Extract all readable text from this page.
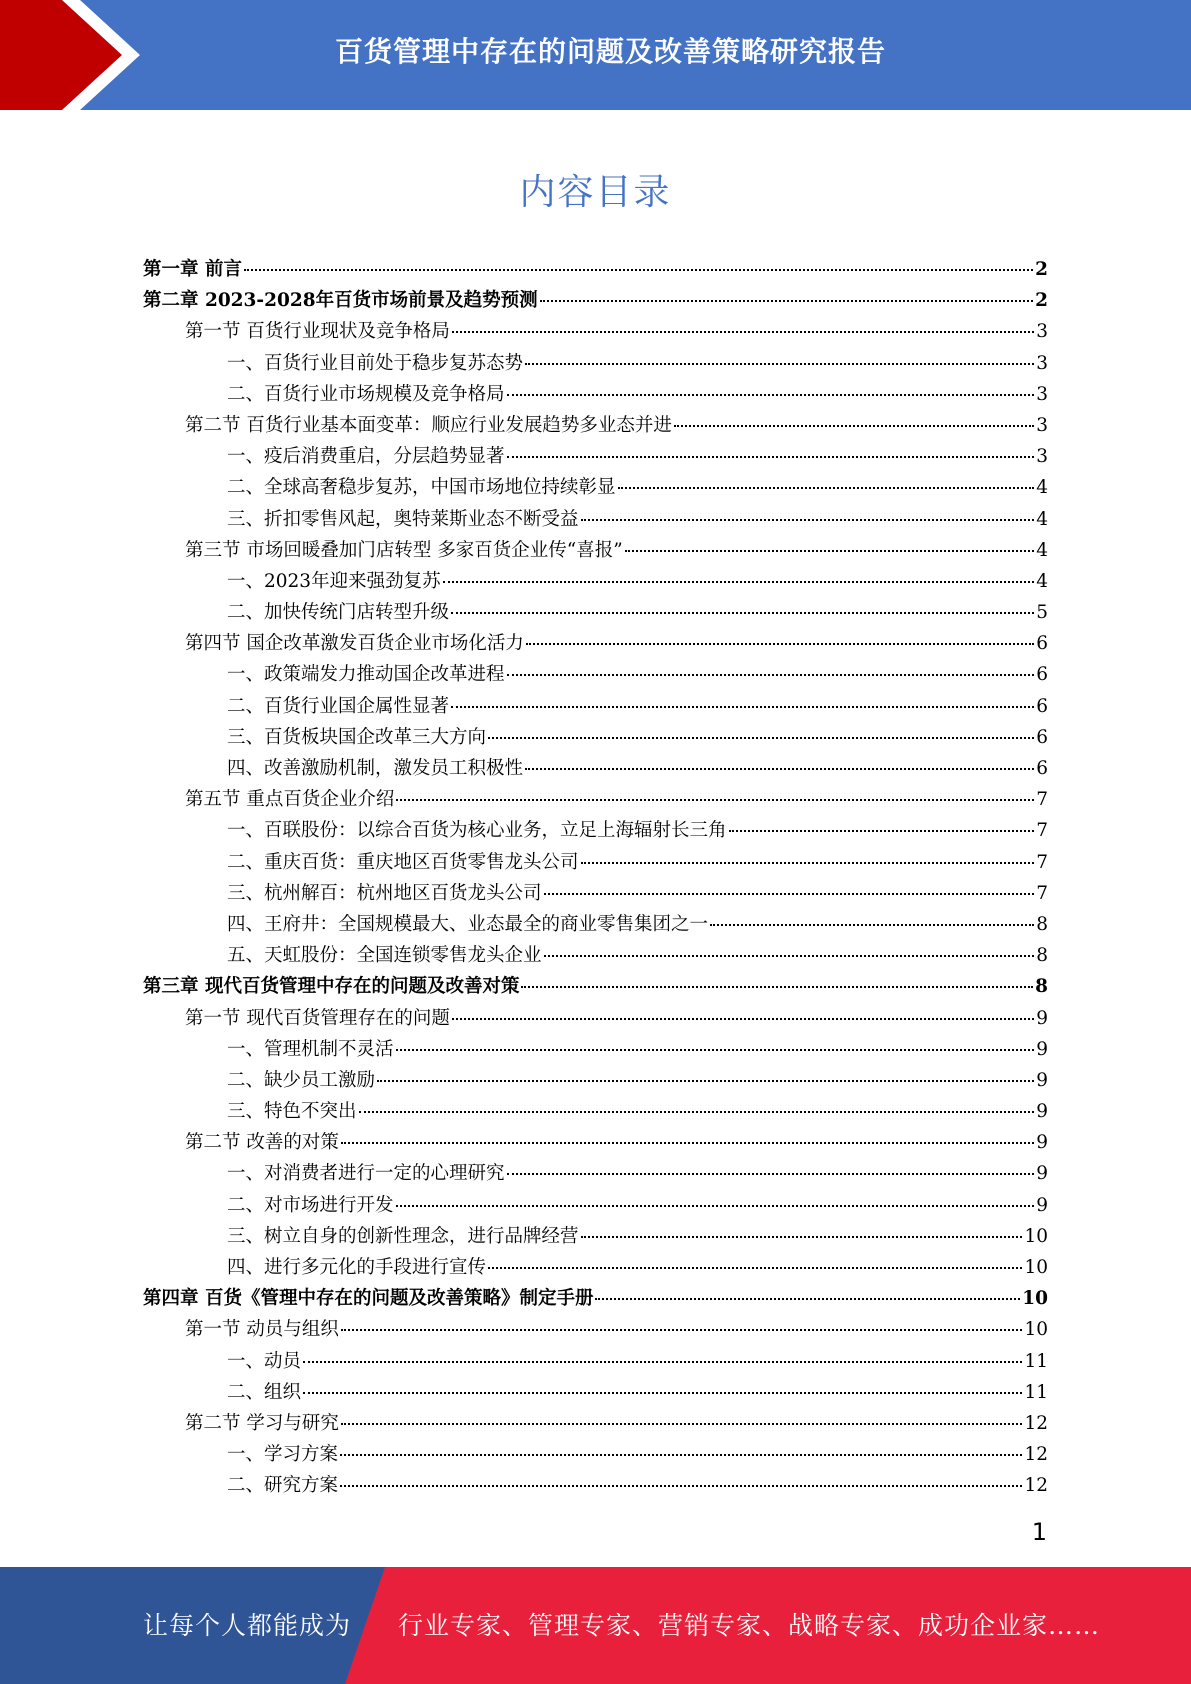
百货管理中存在的问题及改善策略研究报告
内容目录
第一章 前言	2
第二章 2023-2028年百货市场前景及趋势预测	2
第一节 百货行业现状及竞争格局	3
一、百货行业目前处于稳步复苏态势	3
二、百货行业市场规模及竞争格局	3
第二节 百货行业基本面变革：顺应行业发展趋势多业态并进	3
一、疫后消费重启，分层趋势显著	3
二、全球高奢稳步复苏，中国市场地位持续彰显	4
三、折扣零售风起，奥特莱斯业态不断受益	4
第三节 市场回暖叠加门店转型 多家百货企业传“喜报”	4
一、2023年迎来强劲复苏	4
二、加快传统门店转型升级	5
第四节 国企改革激发百货企业市场化活力	6
一、政策端发力推动国企改革进程	6
二、百货行业国企属性显著	6
三、百货板块国企改革三大方向	6
四、改善激励机制，激发员工积极性	6
第五节 重点百货企业介绍	7
一、百联股份：以综合百货为核心业务，立足上海辐射长三角	7
二、重庆百货：重庆地区百货零售龙头公司	7
三、杭州解百：杭州地区百货龙头公司	7
四、王府井：全国规模最大、业态最全的商业零售集团之一	8
五、天虹股份：全国连锁零售龙头企业	8
第三章 现代百货管理中存在的问题及改善对策	8
第一节 现代百货管理存在的问题	9
一、管理机制不灵活	9
二、缺少员工激励	9
三、特色不突出	9
第二节 改善的对策	9
一、对消费者进行一定的心理研究	9
二、对市场进行开发	9
三、树立自身的创新性理念，进行品牌经营	10
四、进行多元化的手段进行宣传	10
第四章 百货《管理中存在的问题及改善策略》制定手册	10
第一节 动员与组织	10
一、动员	11
二、组织	11
第二节 学习与研究	12
一、学习方案	12
二、研究方案	12
1
让每个人都能成为 行业专家、管理专家、营销专家、战略专家、成功企业家……
